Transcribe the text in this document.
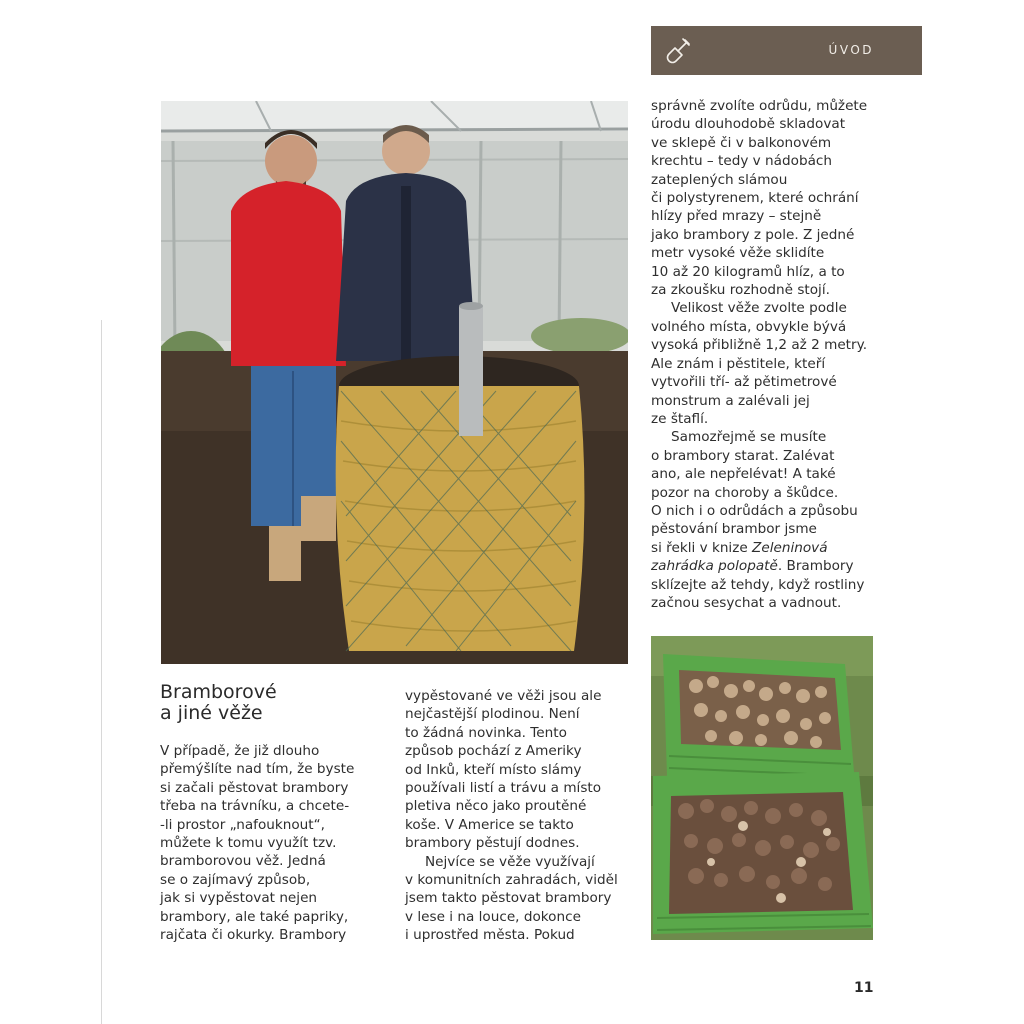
ÚVOD
Bramborové
a jiné věže
V případě, že již dlouho
přemýšlíte nad tím, že byste
si začali pěstovat brambory
třeba na trávníku, a chcete-
-li prostor „nafouknout“,
můžete k tomu využít tzv.
bramborovou věž. Jedná
se o zajímavý způsob,
jak si vypěstovat nejen
brambory, ale také papriky,
rajčata či okurky. Brambory
vypěstované ve věži jsou ale
nejčastější plodinou. Není
to žádná novinka. Tento
způsob pochází z Ameriky
od Inků, kteří místo slámy
používali listí a trávu a místo
pletiva něco jako proutěné
koše. V Americe se takto
brambory pěstují dodnes.
Nejvíce se věže využívají
v komunitních zahradách, viděl
jsem takto pěstovat brambory
v lese i na louce, dokonce
i uprostřed města. Pokud
správně zvolíte odrůdu, můžete
úrodu dlouhodobě skladovat
ve sklepě či v balkonovém
krechtu – tedy v nádobách
zateplených slámou
či polystyrenem, které ochrání
hlízy před mrazy – stejně
jako brambory z pole. Z jedné
metr vysoké věže sklidíte
10 až 20 kilogramů hlíz, a to
za zkoušku rozhodně stojí.
Velikost věže zvolte podle
volného místa, obvykle bývá
vysoká přibližně 1,2 až 2 metry.
Ale znám i pěstitele, kteří
vytvořili tří- až pětimetrové
monstrum a zalévali jej
ze štaflí.
Samozřejmě se musíte
o brambory starat. Zalévat
ano, ale nepřelévat! A také
pozor na choroby a škůdce.
O nich i o odrůdách a způsobu
pěstování brambor jsme
si řekli v knize Zeleninová
zahrádka polopatě. Brambory
sklízejte až tehdy, když rostliny
začnou sesychat a vadnout.
11
